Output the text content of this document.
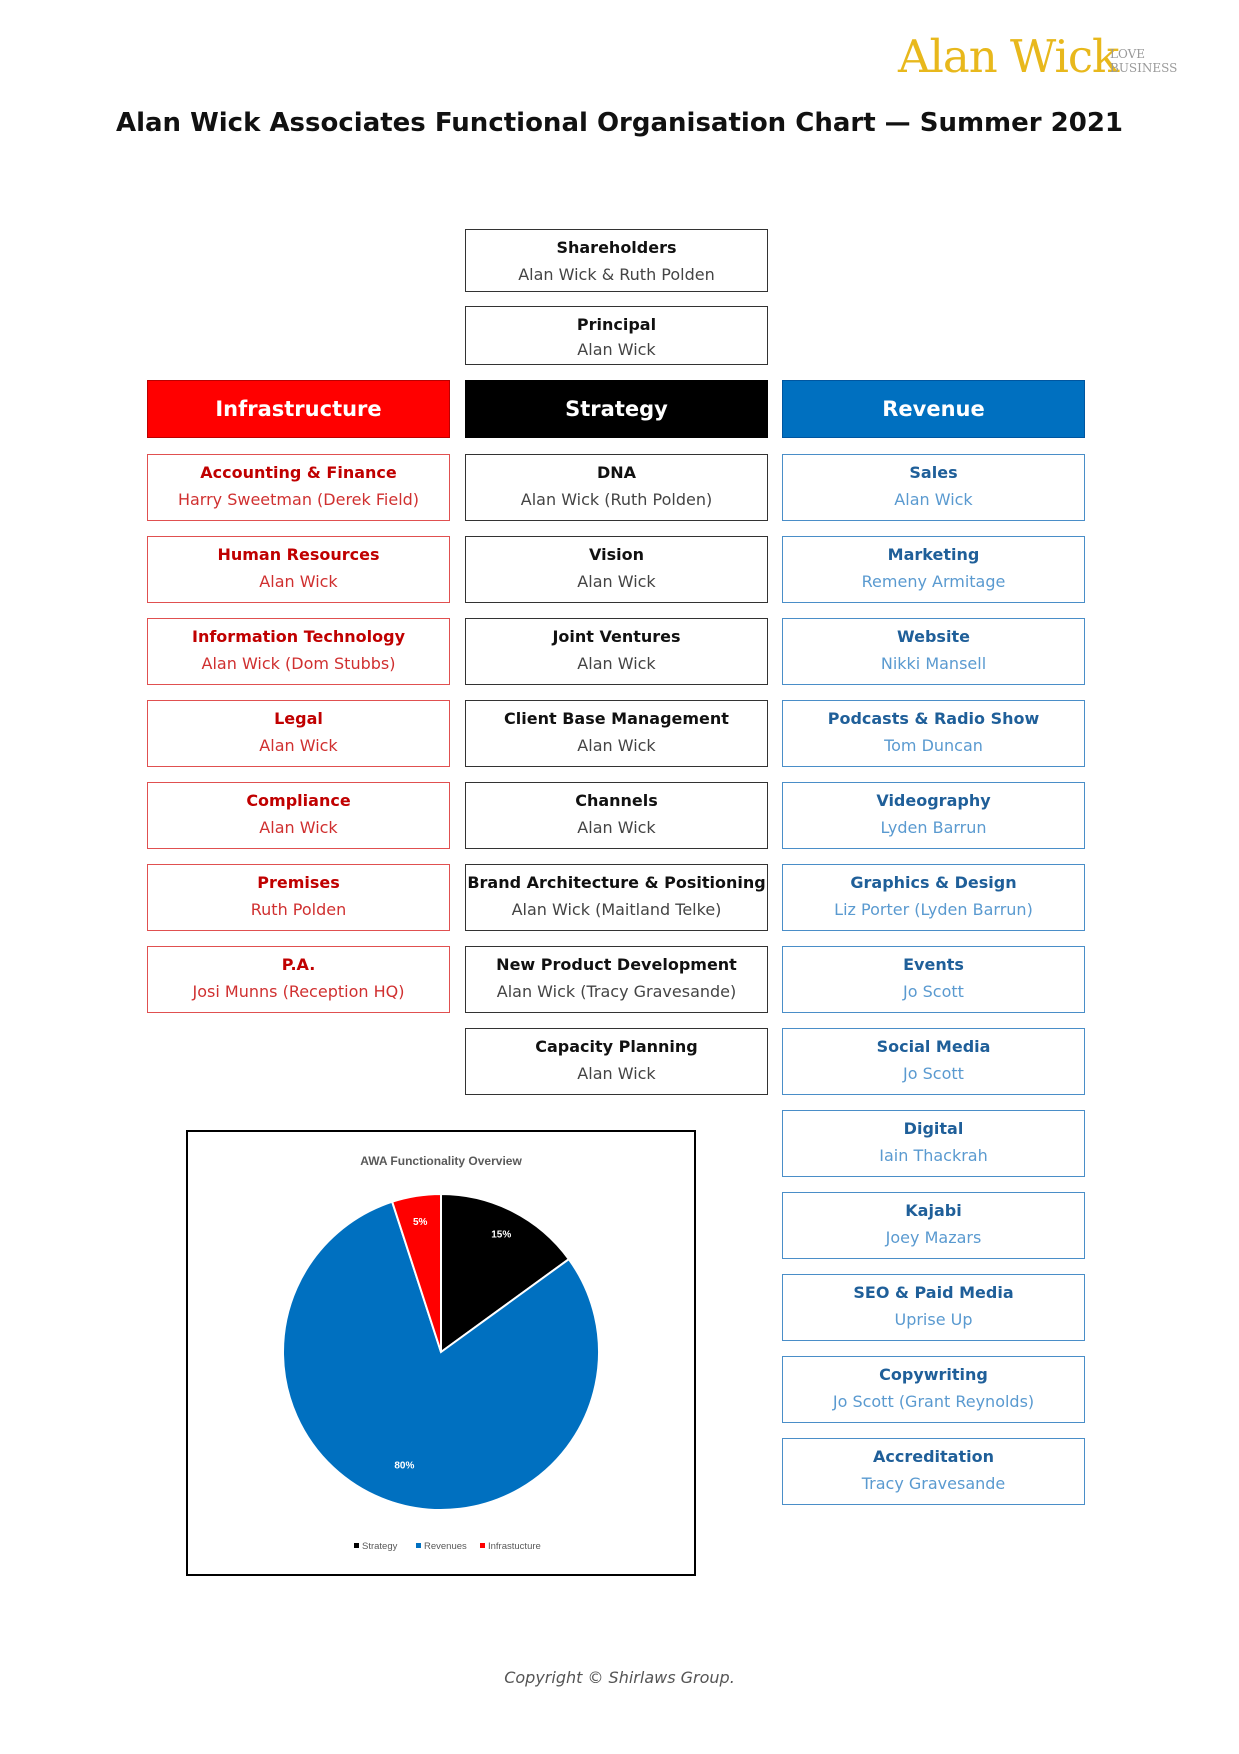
Alan Wick
LOVE
BUSINESS
Alan Wick Associates Functional Organisation Chart — Summer 2021
Shareholders
Alan Wick & Ruth Polden
Principal
Alan Wick
Infrastructure	Strategy	Revenue
Accounting & Finance
Harry Sweetman (Derek Field)
Human Resources
Alan Wick
Information Technology
Alan Wick (Dom Stubbs)
Legal
Alan Wick
Compliance
Alan Wick
Premises
Ruth Polden
P.A.
Josi Munns (Reception HQ)
DNA
Alan Wick (Ruth Polden)
Vision
Alan Wick
Joint Ventures
Alan Wick
Client Base Management
Alan Wick
Channels
Alan Wick
Brand Architecture & Positioning
Alan Wick (Maitland Telke)
New Product Development
Alan Wick (Tracy Gravesande)
Capacity Planning
Alan Wick
Sales
Alan Wick
Marketing
Remeny Armitage
Website
Nikki Mansell
Podcasts & Radio Show
Tom Duncan
Videography
Lyden Barrun
Graphics & Design
Liz Porter (Lyden Barrun)
Events
Jo Scott
Social Media
Jo Scott
Digital
Iain Thackrah
Kajabi
Joey Mazars
SEO & Paid Media
Uprise Up
Copywriting
Jo Scott (Grant Reynolds)
Accreditation
Tracy Gravesande
AWA Functionality Overview
15%
80%
5%
Strategy	Revenues Infrastucture
Copyright © Shirlaws Group.
